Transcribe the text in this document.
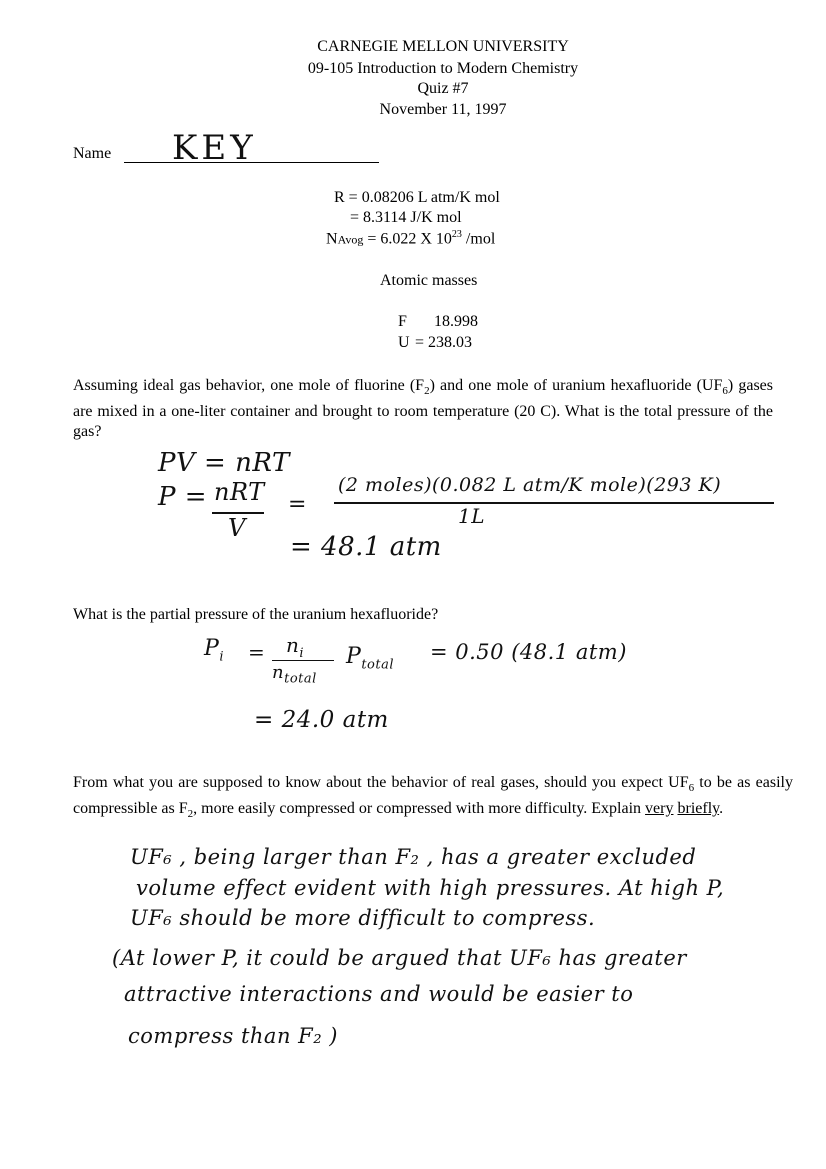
CARNEGIE MELLON UNIVERSITY
09-105 Introduction to Modern Chemistry
Quiz #7
November 11, 1997
Name KEY
R = 0.08206 L atm/K mol
= 8.3114 J/K mol
NAvog = 6.022 X $10^{23}$ /mol
Atomic masses
F 18.998
U = 238.03
Assuming ideal gas behavior, one mole of fluorine $(F_2)$ and one mole of uranium hexafluoride $(UF_6)$ gases are mixed in a one-liter container and brought to room temperature (20 C). What is the total pressure of the gas?
PV = nRT
P = nRT
V
=
(2 moles)(0.082 L atm/K mole)(293 K)
1L
= 48.1 atm
What is the partial pressure of the uranium hexafluoride?
$P_i = n_i$
$n_{total}$
$P_{total}$
= 0.50 (48.1 atm)
= 24.0 atm
From what you are supposed to know about the behavior of real gases, should you expect $UF_6$ to be as easily compressible as $F_2$, more easily compressed or compressed with more difficulty. Explain very briefly.
UF₆ , being larger than F₂ , has a greater excluded
volume effect evident with high pressures. At high P,
UF₆ should be more difficult to compress.
(At lower P, it could be argued that UF₆ has greater
attractive interactions and would be easier to
compress than F₂ )
